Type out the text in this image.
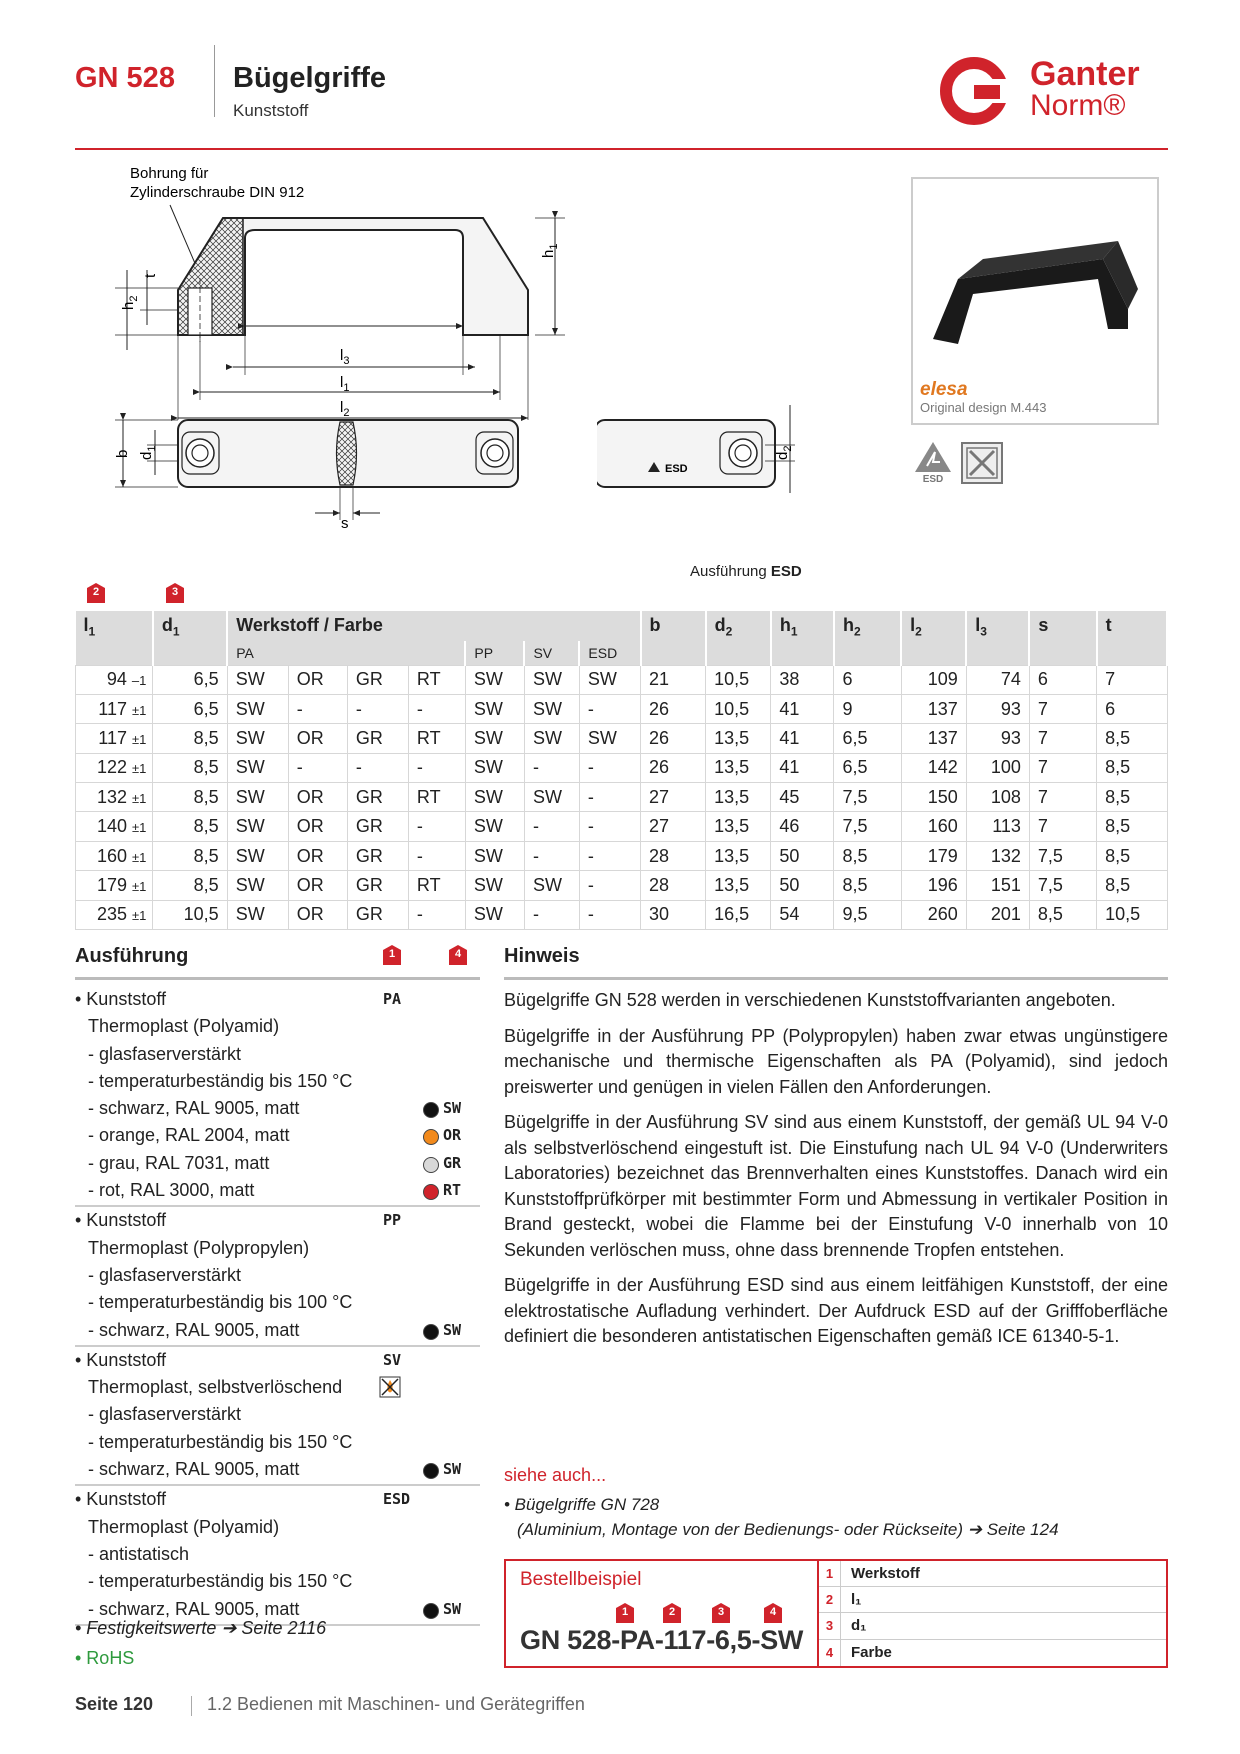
GN 528 Bügelgriffe
Kunststoff
Ganter
Norm®
Bohrung für
Zylinderschraube DIN 912
$l_3$
$l_1$
$l_2$
$h_1$
$h_2$
t
s
b $d_1$
ESD
$d_2$
Ausführung ESD
elesa
Original design M.443
ESD
2	3
$l_1$	$d_1$	Werkstoff / Farbe							b	$d_2$	$h_1$	$h_2$	$l_2$	$l_3$	s	t
		PA				PP	SV	ESD								
94 –1	6,5	SW	OR	GR	RT	SW	SW	SW	21	10,5	38	6	109	74	6	7
117 ±1	6,5	SW	-	-	-	SW	SW	-	26	10,5	41	9	137	93	7	6
117 ±1	8,5	SW	OR	GR	RT	SW	SW	SW	26	13,5	41	6,5	137	93	7	8,5
122 ±1	8,5	SW	-	-	-	SW	-	-	26	13,5	41	6,5	142	100	7	8,5
132 ±1	8,5	SW	OR	GR	RT	SW	SW	-	27	13,5	45	7,5	150	108	7	8,5
140 ±1	8,5	SW	OR	GR	-	SW	-	-	27	13,5	46	7,5	160	113	7	8,5
160 ±1	8,5	SW	OR	GR	-	SW	-	-	28	13,5	50	8,5	179	132	7,5	8,5
179 ±1	8,5	SW	OR	GR	RT	SW	SW	-	28	13,5	50	8,5	196	151	7,5	8,5
235 ±1	10,5	SW	OR	GR	-	SW	-	-	30	16,5	54	9,5	260	201	8,5	10,5
Ausführung	1	4
• Kunststoff	PA
Thermoplast (Polyamid)
- glasfaserverstärkt
- temperaturbeständig bis 150 °C
- schwarz, RAL 9005, matt	SW
- orange, RAL 2004, matt	OR
- grau, RAL 7031, matt	GR
- rot, RAL 3000, matt	RT
• Kunststoff	PP
Thermoplast (Polypropylen)
- glasfaserverstärkt
- temperaturbeständig bis 100 °C
- schwarz, RAL 9005, matt	SW
• Kunststoff	SV
Thermoplast, selbstverlöschend
- glasfaserverstärkt
- temperaturbeständig bis 150 °C
- schwarz, RAL 9005, matt	SW
• Kunststoff	ESD
Thermoplast (Polyamid)
- antistatisch
- temperaturbeständig bis 150 °C
- schwarz, RAL 9005, matt	SW
• Festigkeitswerte ➔ Seite 2116
• RoHS
Hinweis

Bügelgriffe GN 528 werden in verschiedenen Kunststoffvarianten angeboten.

Bügelgriffe in der Ausführung PP (Polypropylen) haben zwar etwas ungünstigere mechanische und thermische Eigenschaften als PA (Polyamid), sind jedoch preiswerter und genügen in vielen Fällen den Anforderungen.

Bügelgriffe in der Ausführung SV sind aus einem Kunststoff, der gemäß UL 94 V-0 als selbstverlöschend eingestuft ist. Die Einstufung nach UL 94 V-0 (Underwriters Laboratories) bezeichnet das Brennverhalten eines Kunststoffes. Danach wird ein Kunststoffprüfkörper mit bestimmter Form und Abmessung in vertikaler Position in Brand gesteckt, wobei die Flamme bei der Einstufung V-0 innerhalb von 10 Sekunden verlöschen muss, ohne dass brennende Tropfen entstehen.

Bügelgriffe in der Ausführung ESD sind aus einem leitfähigen Kunststoff, der eine elektrostatische Aufladung verhindert. Der Aufdruck ESD auf der Grifffoberfläche definiert die besonderen antistatischen Eigenschaften gemäß ICE 61340-5-1.

siehe auch...
• Bügelgriffe GN 728
(Aluminium, Montage von der Bedienungs- oder Rückseite) ➔ Seite 124
Bestellbeispiel
1	2	3	4
GN 528-PA-117-6,5-SW
1	Werkstoff
2	l₁
3	d₁
4	Farbe
Seite 120	1.2 Bedienen mit Maschinen- und Gerätegriffen
